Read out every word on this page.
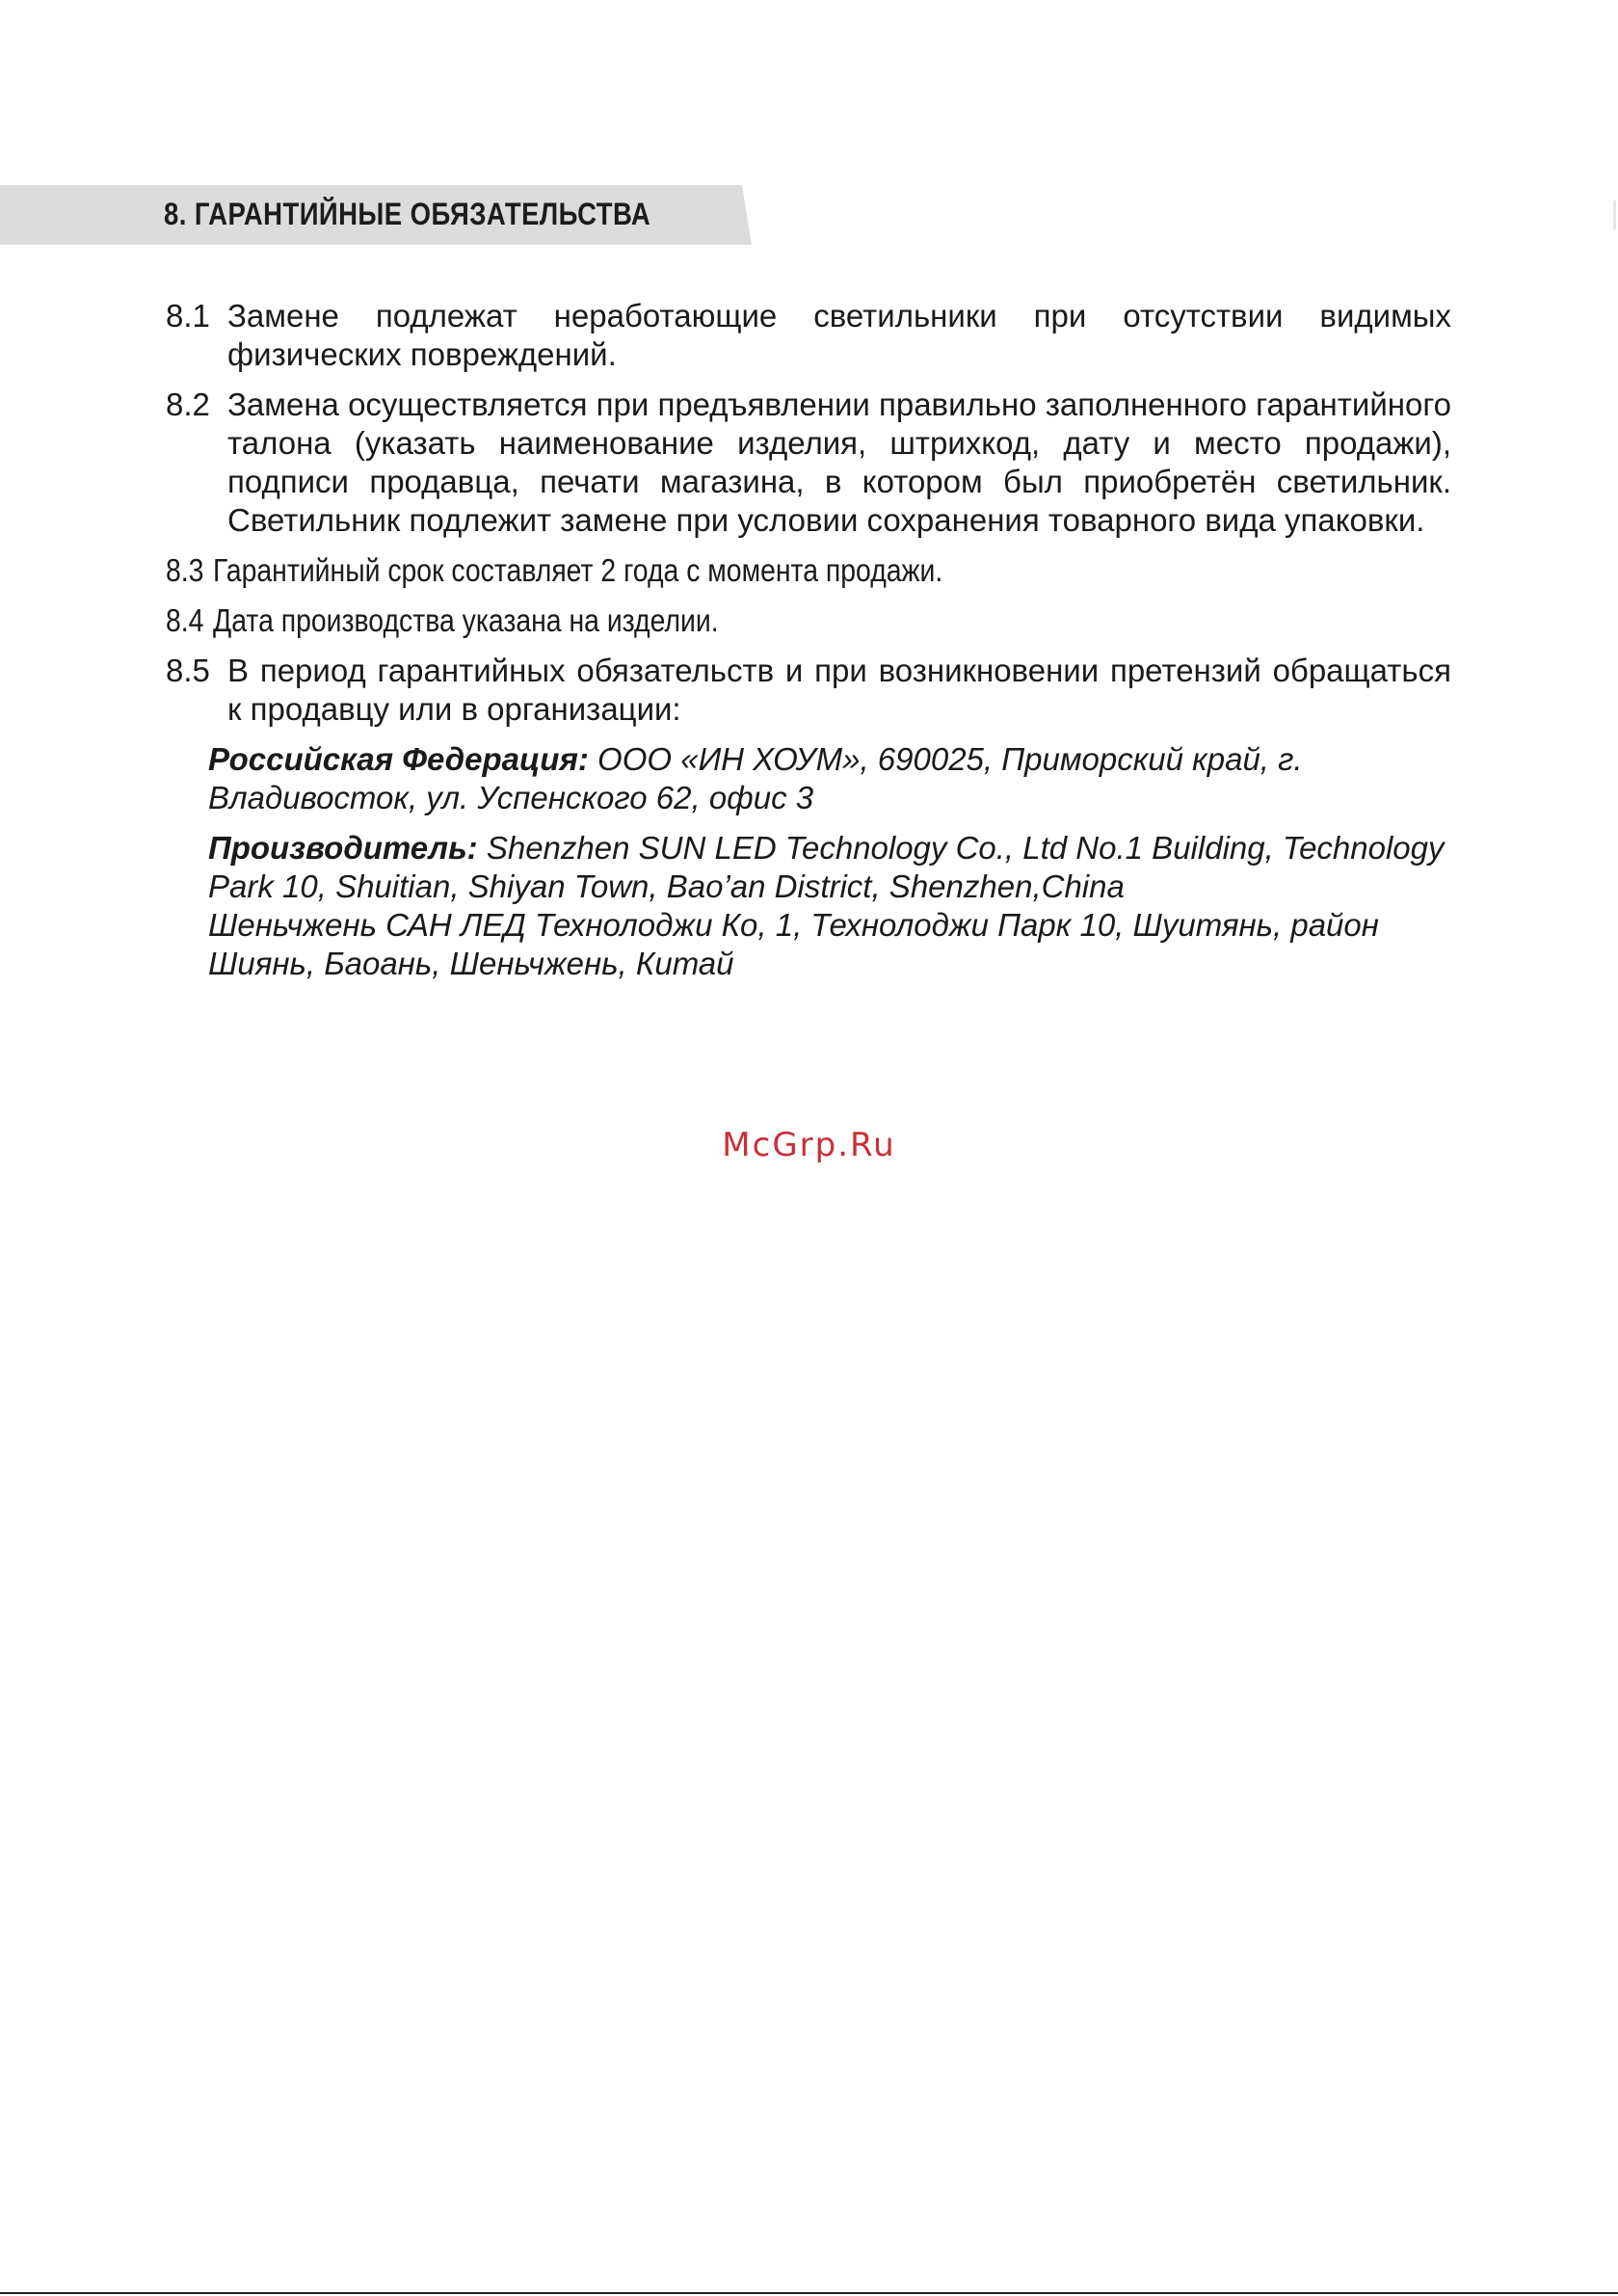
8. ГАРАНТИЙНЫЕ ОБЯЗАТЕЛЬСТВА
8.1 Замене подлежат неработающие светильники при отсутствии видимых физических повреждений.
8.2 Замена осуществляется при предъявлении правильно заполненного гарантийного талона (указать наименование изделия, штрихкод, дату и место продажи), подписи продавца, печати магазина, в котором был приобретён светильник. Светильник подлежит замене при условии сохранения товарного вида упаковки.
8.3 Гарантийный срок составляет 2 года с момента продажи.
8.4 Дата производства указана на изделии.
8.5 В период гарантийных обязательств и при возникновении претензий обращаться к продавцу или в организации:
Российская Федерация: ООО «ИН ХОУМ», 690025, Приморский край, г. Владивосток, ул. Успенского 62, офис 3
Производитель: Shenzhen SUN LED Technology Co., Ltd No.1 Building, Technology Park 10, Shuitian, Shiyan Town, Bao’an District, Shenzhen,China
Шеньчжень САН ЛЕД Технолоджи Ко, 1, Технолоджи Парк 10, Шуитянь, район Шиянь, Баоань, Шеньчжень, Китай
McGrp.Ru
